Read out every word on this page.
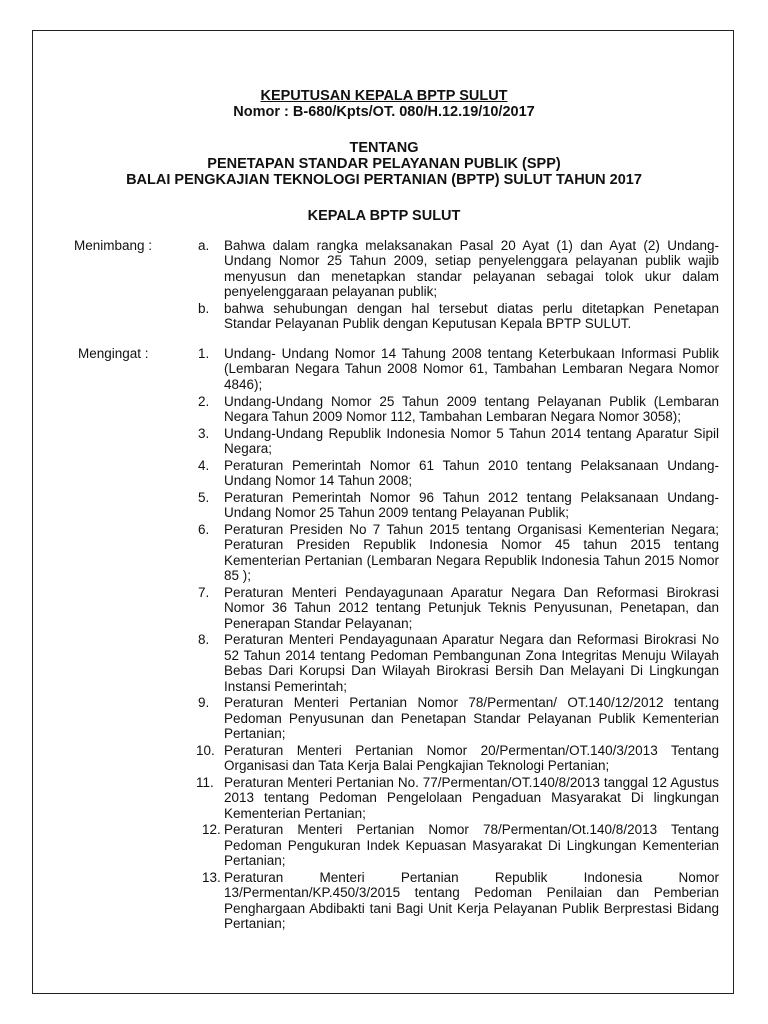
KEPUTUSAN KEPALA BPTP SULUT
Nomor : B-680/Kpts/OT. 080/H.12.19/10/2017
TENTANG
PENETAPAN STANDAR PELAYANAN PUBLIK (SPP)
BALAI PENGKAJIAN TEKNOLOGI PERTANIAN (BPTP) SULUT TAHUN 2017
KEPALA BPTP SULUT
Menimbang :	a. Bahwa dalam rangka melaksanakan Pasal 20 Ayat (1) dan Ayat (2) Undang-Undang Nomor 25 Tahun 2009, setiap penyelenggara pelayanan publik wajib menyusun dan menetapkan standar pelayanan sebagai tolok ukur dalam penyelenggaraan pelayanan publik;
b. bahwa sehubungan dengan hal tersebut diatas perlu ditetapkan Penetapan Standar Pelayanan Publik dengan Keputusan Kepala BPTP SULUT.
Mengingat :	1. Undang- Undang Nomor 14 Tahung 2008 tentang Keterbukaan Informasi Publik (Lembaran Negara Tahun 2008 Nomor 61, Tambahan Lembaran Negara Nomor 4846);
2. Undang-Undang Nomor 25 Tahun 2009 tentang Pelayanan Publik (Lembaran Negara Tahun 2009 Nomor 112, Tambahan Lembaran Negara Nomor 3058);
3. Undang-Undang Republik Indonesia Nomor 5 Tahun 2014 tentang Aparatur Sipil Negara;
4. Peraturan Pemerintah Nomor 61 Tahun 2010 tentang Pelaksanaan Undang-Undang Nomor 14 Tahun 2008;
5. Peraturan Pemerintah Nomor 96 Tahun 2012 tentang Pelaksanaan Undang-Undang Nomor 25 Tahun 2009 tentang Pelayanan Publik;
6. Peraturan Presiden No 7 Tahun 2015 tentang Organisasi Kementerian Negara; Peraturan Presiden Republik Indonesia Nomor 45 tahun 2015 tentang Kementerian Pertanian (Lembaran Negara Republik Indonesia Tahun 2015 Nomor 85 );
7. Peraturan Menteri Pendayagunaan Aparatur Negara Dan Reformasi Birokrasi Nomor 36 Tahun 2012 tentang Petunjuk Teknis Penyusunan, Penetapan, dan Penerapan Standar Pelayanan;
8. Peraturan Menteri Pendayagunaan Aparatur Negara dan Reformasi Birokrasi No 52 Tahun 2014 tentang Pedoman Pembangunan Zona Integritas Menuju Wilayah Bebas Dari Korupsi Dan Wilayah Birokrasi Bersih Dan Melayani Di Lingkungan Instansi Pemerintah;
9. Peraturan Menteri Pertanian Nomor 78/Permentan/ OT.140/12/2012 tentang Pedoman Penyusunan dan Penetapan Standar Pelayanan Publik Kementerian Pertanian;
10. Peraturan Menteri Pertanian Nomor 20/Permentan/OT.140/3/2013 Tentang Organisasi dan Tata Kerja Balai Pengkajian Teknologi Pertanian;
11. Peraturan Menteri Pertanian No. 77/Permentan/OT.140/8/2013 tanggal 12 Agustus 2013 tentang Pedoman Pengelolaan Pengaduan Masyarakat Di lingkungan Kementerian Pertanian;
12. Peraturan Menteri Pertanian Nomor 78/Permentan/Ot.140/8/2013 Tentang Pedoman Pengukuran Indek Kepuasan Masyarakat Di Lingkungan Kementerian Pertanian;
13. Peraturan Menteri Pertanian Republik Indonesia Nomor 13/Permentan/KP.450/3/2015 tentang Pedoman Penilaian dan Pemberian Penghargaan Abdibakti tani Bagi Unit Kerja Pelayanan Publik Berprestasi Bidang Pertanian;
